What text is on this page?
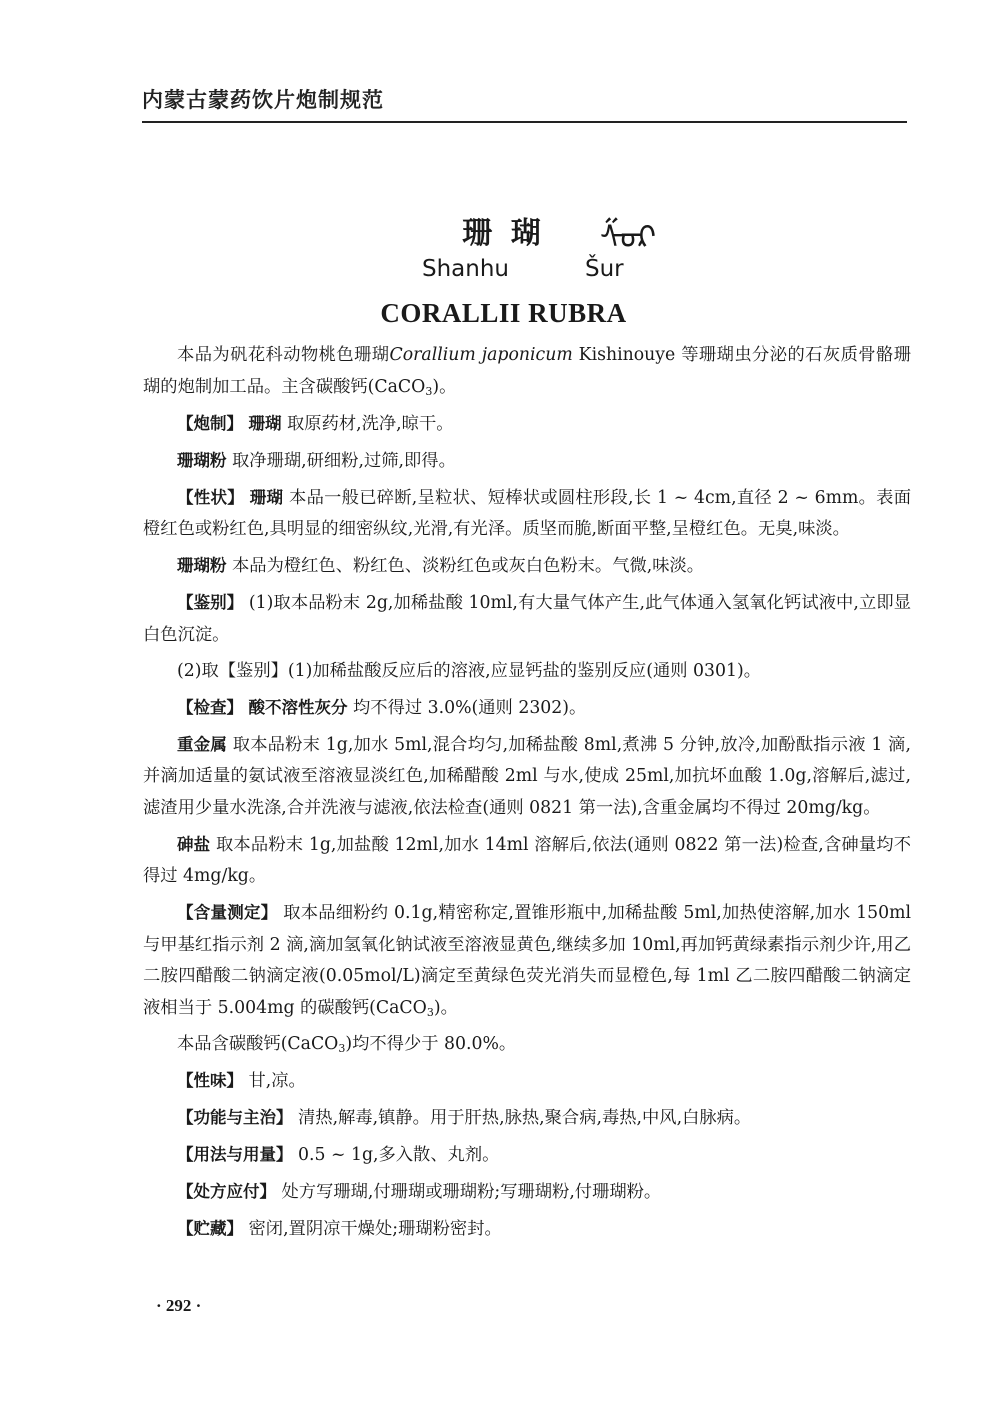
内蒙古蒙药饮片炮制规范
珊 瑚 ᠱᠤᠷ
Shanhu	Šur
CORALLII RUBRA

本品为矾花科动物桃色珊瑚Corallium japonicum Kishinouye 等珊瑚虫分泌的石灰质骨骼珊瑚的炮制加工品。主含碳酸钙(CaCO$_3$)。

【炮制】 珊瑚 取原药材,洗净,晾干。

珊瑚粉 取净珊瑚,研细粉,过筛,即得。

【性状】 珊瑚 本品一般已碎断,呈粒状、短棒状或圆柱形段,长 1 ~ 4cm,直径 2 ~ 6mm。表面橙红色或粉红色,具明显的细密纵纹,光滑,有光泽。质坚而脆,断面平整,呈橙红色。无臭,味淡。

珊瑚粉 本品为橙红色、粉红色、淡粉红色或灰白色粉末。气微,味淡。

【鉴别】 (1)取本品粉末 2g,加稀盐酸 10ml,有大量气体产生,此气体通入氢氧化钙试液中,立即显白色沉淀。

(2)取【鉴别】(1)加稀盐酸反应后的溶液,应显钙盐的鉴别反应(通则 0301)。

【检查】 酸不溶性灰分 均不得过 3.0%(通则 2302)。

重金属 取本品粉末 1g,加水 5ml,混合均匀,加稀盐酸 8ml,煮沸 5 分钟,放冷,加酚酞指示液 1 滴,并滴加适量的氨试液至溶液显淡红色,加稀醋酸 2ml 与水,使成 25ml,加抗坏血酸 1.0g,溶解后,滤过,滤渣用少量水洗涤,合并洗液与滤液,依法检查(通则 0821 第一法),含重金属均不得过 20mg/kg。

砷盐 取本品粉末 1g,加盐酸 12ml,加水 14ml 溶解后,依法(通则 0822 第一法)检查,含砷量均不得过 4mg/kg。

【含量测定】 取本品细粉约 0.1g,精密称定,置锥形瓶中,加稀盐酸 5ml,加热使溶解,加水 150ml 与甲基红指示剂 2 滴,滴加氢氧化钠试液至溶液显黄色,继续多加 10ml,再加钙黄绿素指示剂少许,用乙二胺四醋酸二钠滴定液(0.05mol/L)滴定至黄绿色荧光消失而显橙色,每 1ml 乙二胺四醋酸二钠滴定液相当于 5.004mg 的碳酸钙(CaCO$_3$)。

本品含碳酸钙(CaCO$_3$)均不得少于 80.0%。

【性味】 甘,凉。

【功能与主治】 清热,解毒,镇静。用于肝热,脉热,聚合病,毒热,中风,白脉病。

【用法与用量】 0.5 ~ 1g,多入散、丸剂。

【处方应付】 处方写珊瑚,付珊瑚或珊瑚粉;写珊瑚粉,付珊瑚粉。

【贮藏】 密闭,置阴凉干燥处;珊瑚粉密封。

· 292 ·
